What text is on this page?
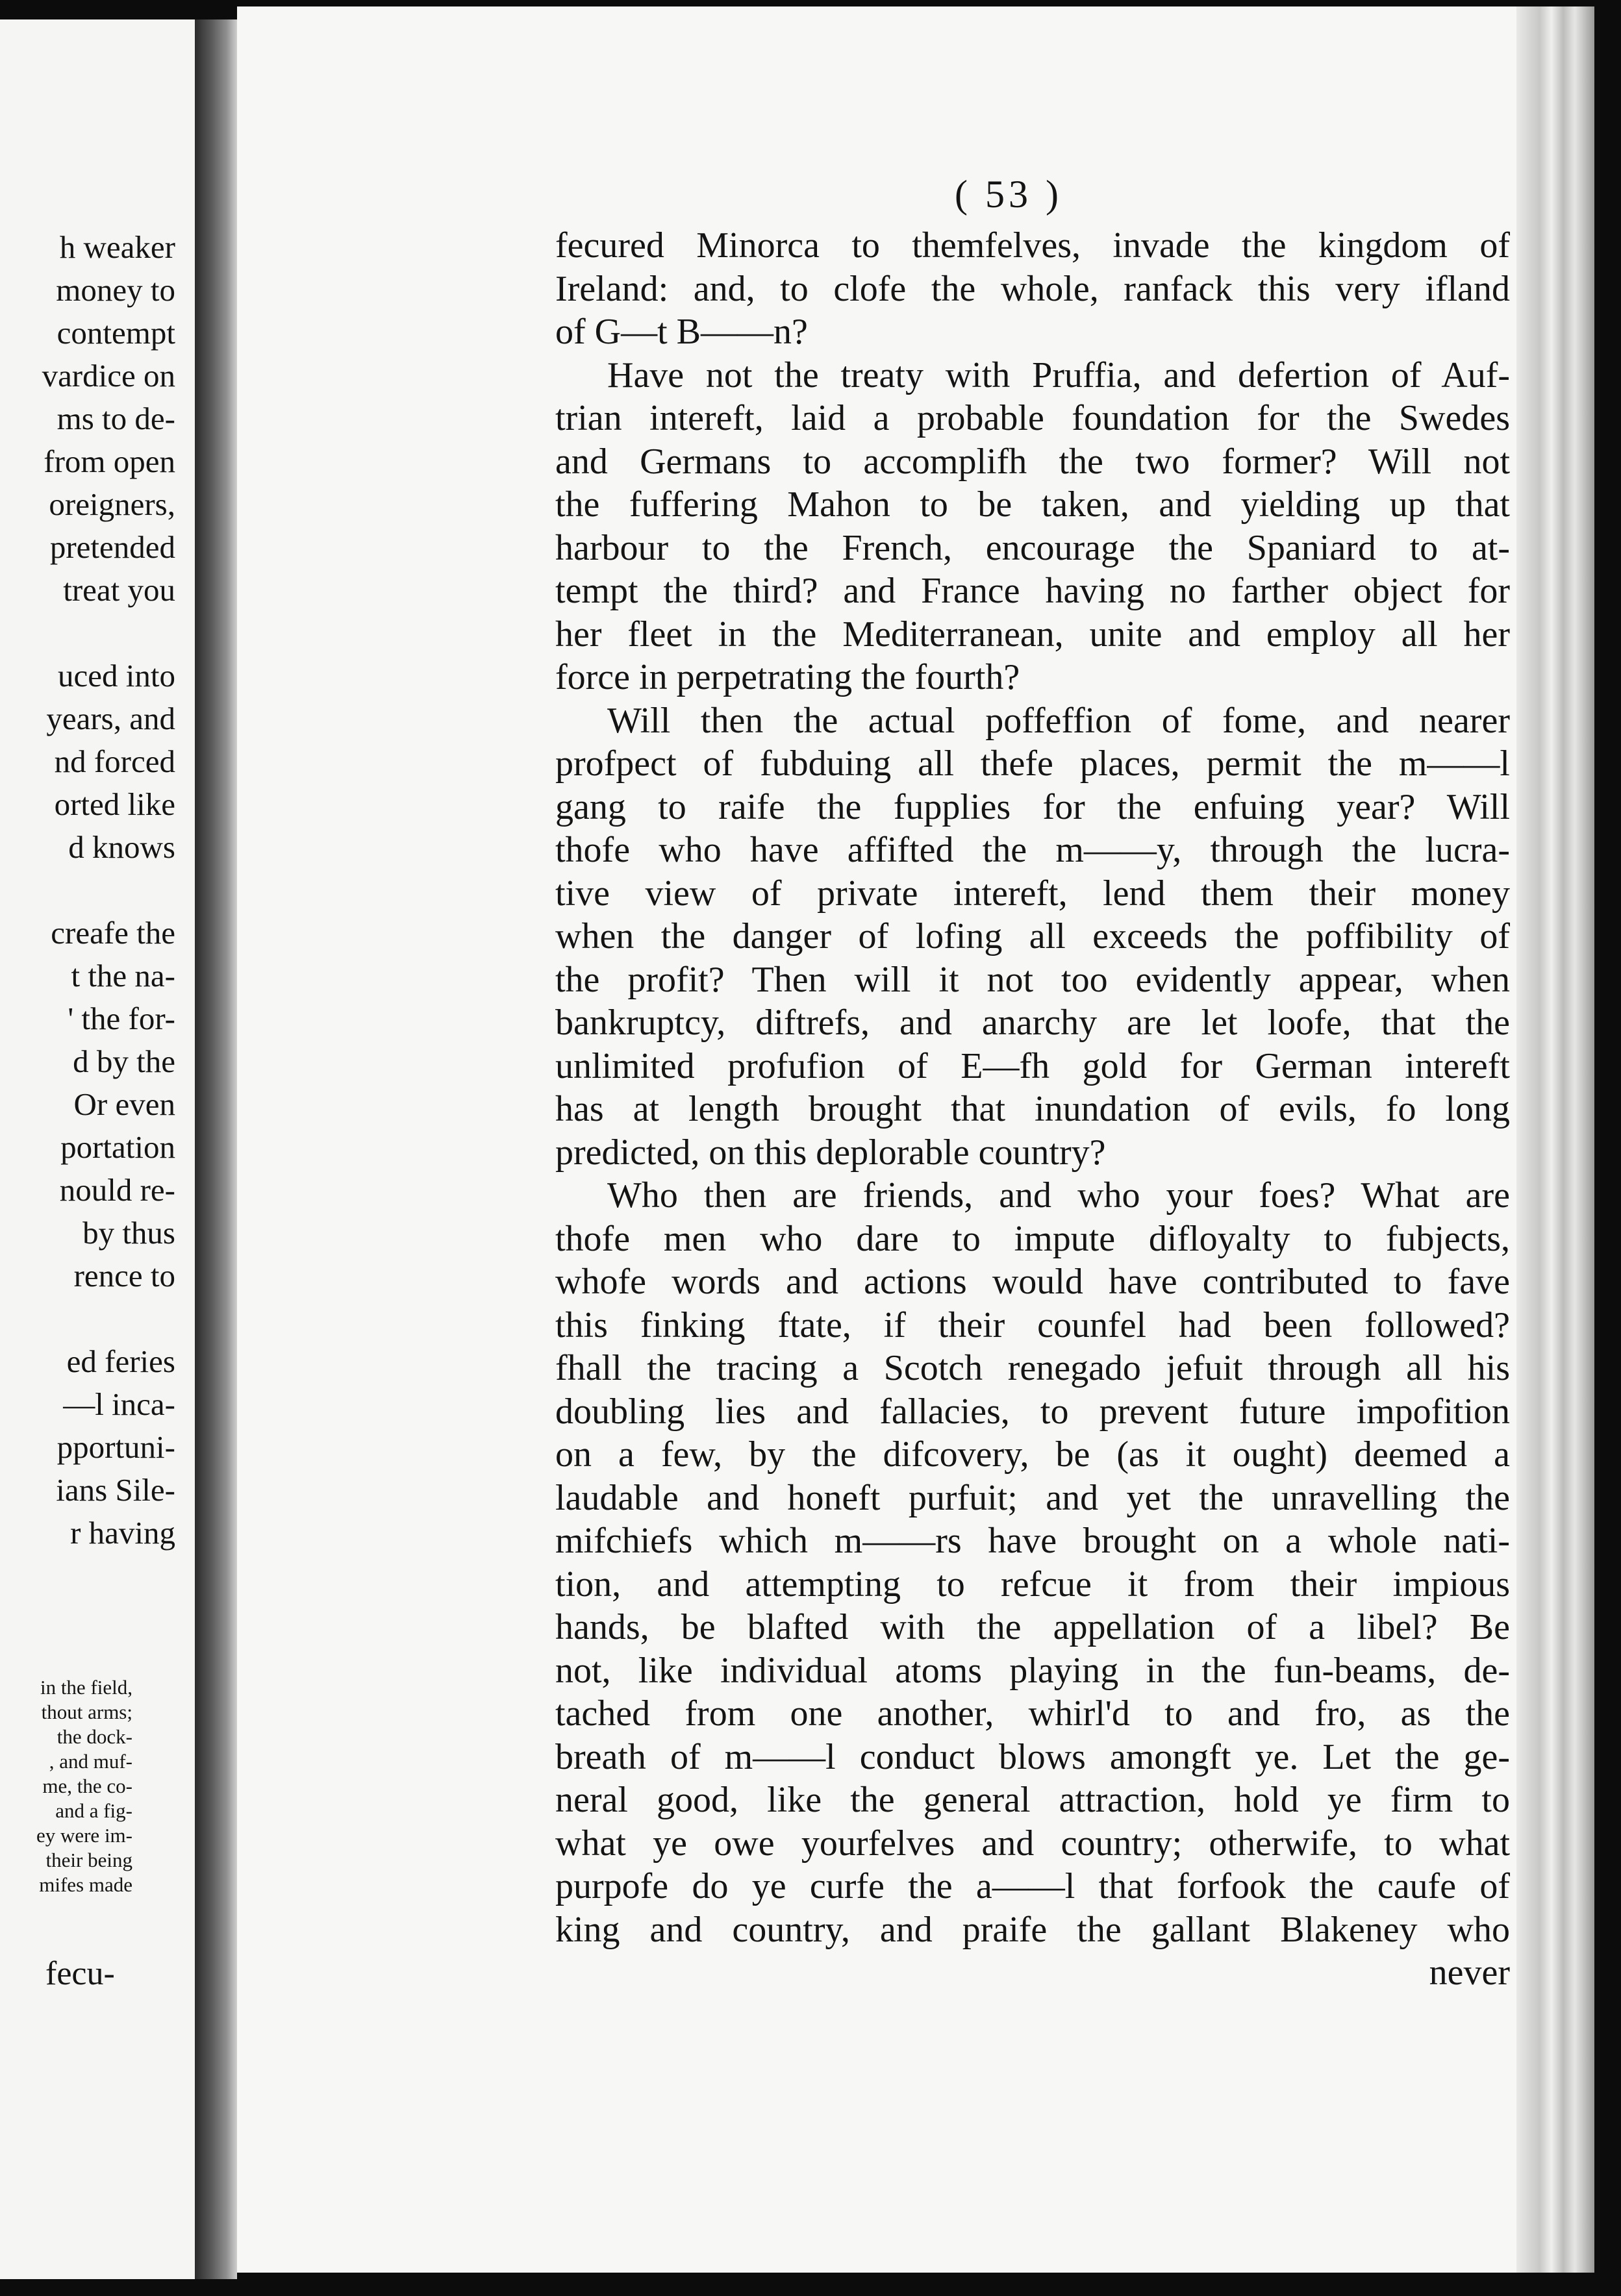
h weaker
money to
contempt
vardice on
ms to de-
from open
oreigners,
pretended
treat you
uced into
years, and
nd forced
orted like
d knows
creafe the
t the na-
' the for-
d by the
Or even
portation
nould re-
by thus
rence to
ed feries
—l inca-
pportuni-
ians Sile-
r having
in the field,
thout arms;
the dock-
, and muf-
me, the co-
and a fig-
ey were im-
their being
mifes made
fecu-
( 53 )
fecured Minorca to themfelves, invade the kingdom of
Ireland: and, to clofe the whole, ranfack this very ifland
of G—t B——n?
Have not the treaty with Pruffia, and defertion of Auf-
trian intereft, laid a probable foundation for the Swedes
and Germans to accomplifh the two former? Will not
the fuffering Mahon to be taken, and yielding up that
harbour to the French, encourage the Spaniard to at-
tempt the third? and France having no farther object for
her fleet in the Mediterranean, unite and employ all her
force in perpetrating the fourth?
Will then the actual poffeffion of fome, and nearer
profpect of fubduing all thefe places, permit the m——l
gang to raife the fupplies for the enfuing year? Will
thofe who have affifted the m——y, through the lucra-
tive view of private intereft, lend them their money
when the danger of lofing all exceeds the poffibility of
the profit? Then will it not too evidently appear, when
bankruptcy, diftrefs, and anarchy are let loofe, that the
unlimited profufion of E—fh gold for German intereft
has at length brought that inundation of evils, fo long
predicted, on this deplorable country?
Who then are friends, and who your foes? What are
thofe men who dare to impute difloyalty to fubjects,
whofe words and actions would have contributed to fave
this finking ftate, if their counfel had been followed?
fhall the tracing a Scotch renegado jefuit through all his
doubling lies and fallacies, to prevent future impofition
on a few, by the difcovery, be (as it ought) deemed a
laudable and honeft purfuit; and yet the unravelling the
mifchiefs which m——rs have brought on a whole nati-
tion, and attempting to refcue it from their impious
hands, be blafted with the appellation of a libel? Be
not, like individual atoms playing in the fun-beams, de-
tached from one another, whirl'd to and fro, as the
breath of m——l conduct blows amongft ye. Let the ge-
neral good, like the general attraction, hold ye firm to
what ye owe yourfelves and country; otherwife, to what
purpofe do ye curfe the a——l that forfook the caufe of
king and country, and praife the gallant Blakeney who
never
